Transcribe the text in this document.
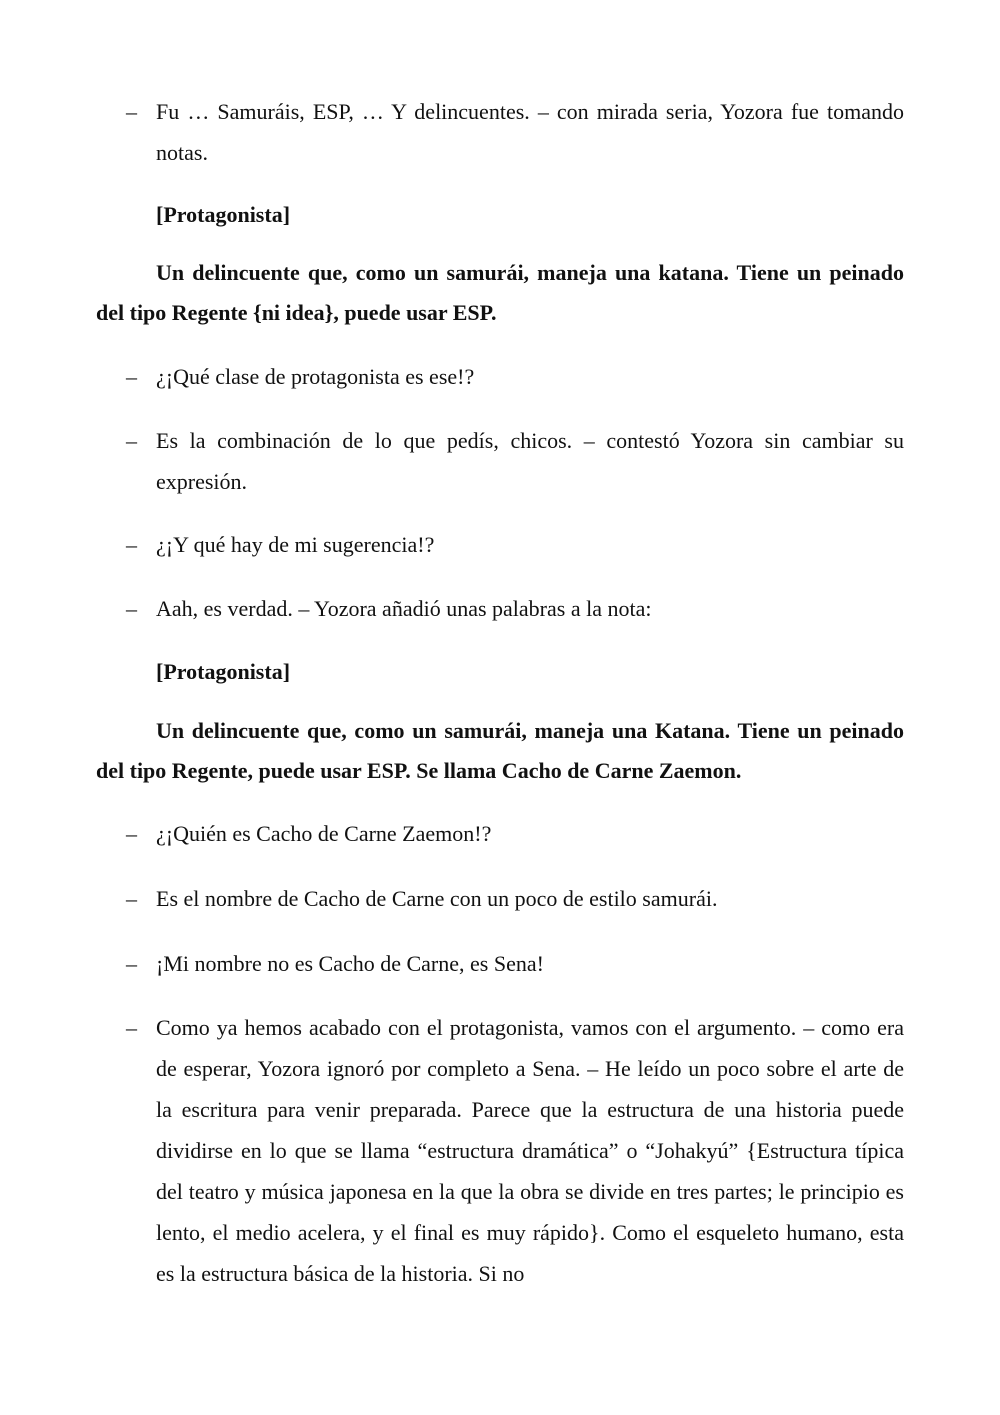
– Fu … Samuráis, ESP, … Y delincuentes. – con mirada seria, Yozora fue tomando notas.
[Protagonista]
Un delincuente que, como un samurái, maneja una katana. Tiene un peinado del tipo Regente {ni idea}, puede usar ESP.
– ¿¡Qué clase de protagonista es ese!?
– Es la combinación de lo que pedís, chicos. – contestó Yozora sin cambiar su expresión.
– ¿¡Y qué hay de mi sugerencia!?
– Aah, es verdad. – Yozora añadió unas palabras a la nota:
[Protagonista]
Un delincuente que, como un samurái, maneja una Katana. Tiene un peinado del tipo Regente, puede usar ESP. Se llama Cacho de Carne Zaemon.
– ¿¡Quién es Cacho de Carne Zaemon!?
– Es el nombre de Cacho de Carne con un poco de estilo samurái.
– ¡Mi nombre no es Cacho de Carne, es Sena!
– Como ya hemos acabado con el protagonista, vamos con el argumento. – como era de esperar, Yozora ignoró por completo a Sena. – He leído un poco sobre el arte de la escritura para venir preparada. Parece que la estructura de una historia puede dividirse en lo que se llama “estructura dramática” o “Johakyú” {Estructura típica del teatro y música japonesa en la que la obra se divide en tres partes; le principio es lento, el medio acelera, y el final es muy rápido}. Como el esqueleto humano, esta es la estructura básica de la historia. Si no
